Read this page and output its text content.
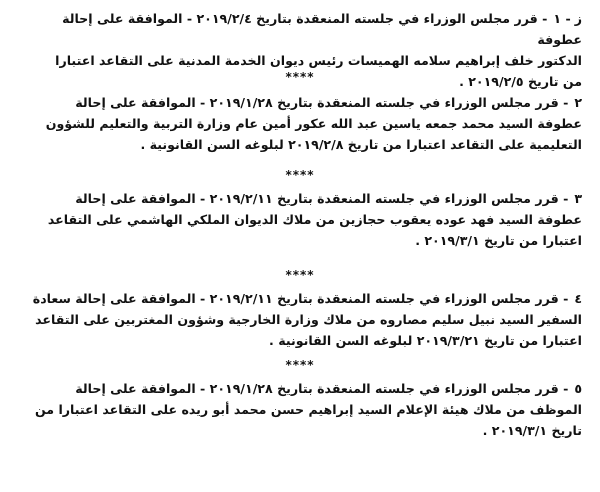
ز- ١- قرر مجلس الوزراء في جلسته المنعقدة بتاريخ ٢٠١٩/٢/٤ - الموافقة على إحالة عطوفة

الدكتور خلف إبراهيم سلامه الهميسات رئيس ديوان الخدمة المدنية على التقاعد اعتبارا

من تاريخ ٢٠١٩/٢/٥ .

****

٢- قرر مجلس الوزراء في جلسته المنعقدة بتاريخ ٢٠١٩/١/٢٨ - الموافقة على إحالة

عطوفة السيد محمد جمعه ياسين عبد الله عكور أمين عام وزارة التربية والتعليم للشؤون

التعليمية على التقاعد اعتبارا من تاريخ ٢٠١٩/٢/٨ لبلوغه السن القانونية .

****

٣- قرر مجلس الوزراء في جلسته المنعقدة بتاريخ ٢٠١٩/٢/١١ - الموافقة على إحالة

عطوفة السيد فهد عوده يعقوب حجازين من ملاك الديوان الملكي الهاشمي على التقاعد

اعتبارا من تاريخ ٢٠١٩/٣/١ .

****

٤- قرر مجلس الوزراء في جلسته المنعقدة بتاريخ ٢٠١٩/٢/١١ - الموافقة على إحالة سعادة

السفير السيد نبيل سليم مصاروه من ملاك وزارة الخارجية وشؤون المغتربين على التقاعد

اعتبارا من تاريخ ٢٠١٩/٣/٢١ لبلوغه السن القانونية .

****

٥- قرر مجلس الوزراء في جلسته المنعقدة بتاريخ ٢٠١٩/١/٢٨ - الموافقة على إحالة

الموظف من ملاك هيئة الإعلام السيد إبراهيم حسن محمد أبو ريده على التقاعد اعتبارا من

تاريخ ٢٠١٩/٣/١ .
